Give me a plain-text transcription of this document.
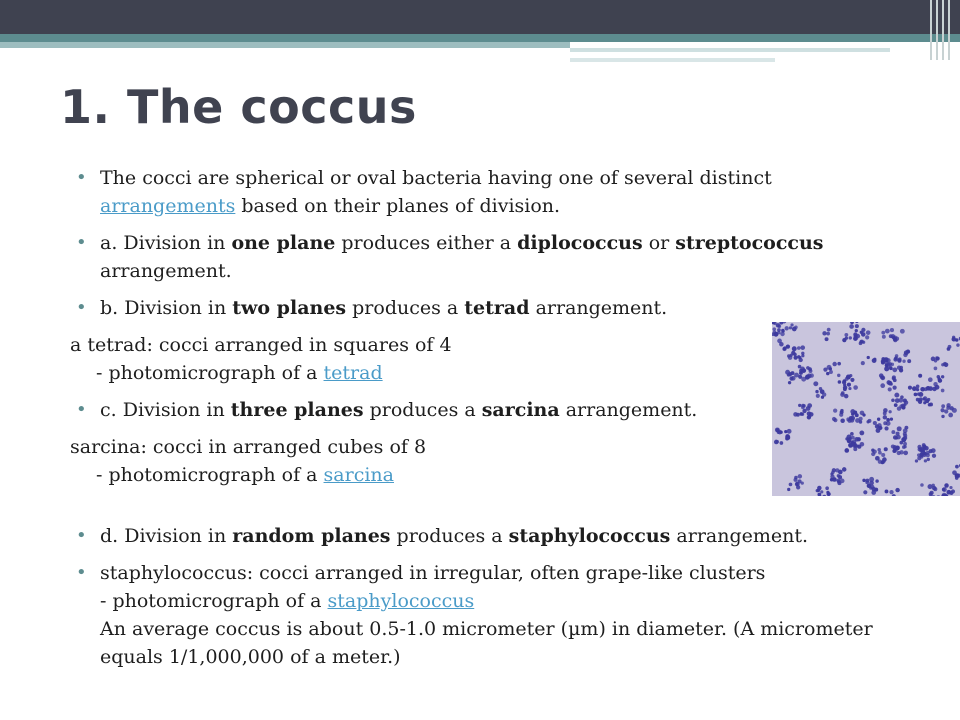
1. The coccus
• The cocci are spherical or oval bacteria having one of several distinct arrangements based on their planes of division.
• a. Division in one plane produces either a diplococcus or streptococcus arrangement.
• b. Division in two planes produces a tetrad arrangement.
a tetrad: cocci arranged in squares of 4
- photomicrograph of a tetrad
• c. Division in three planes produces a sarcina arrangement.
sarcina: cocci in arranged cubes of 8
- photomicrograph of a sarcina
• d. Division in random planes produces a staphylococcus arrangement.
• staphylococcus: cocci arranged in irregular, often grape-like clusters
- photomicrograph of a staphylococcus
An average coccus is about 0.5-1.0 micrometer (µm) in diameter. (A micrometer equals 1/1,000,000 of a meter.)
